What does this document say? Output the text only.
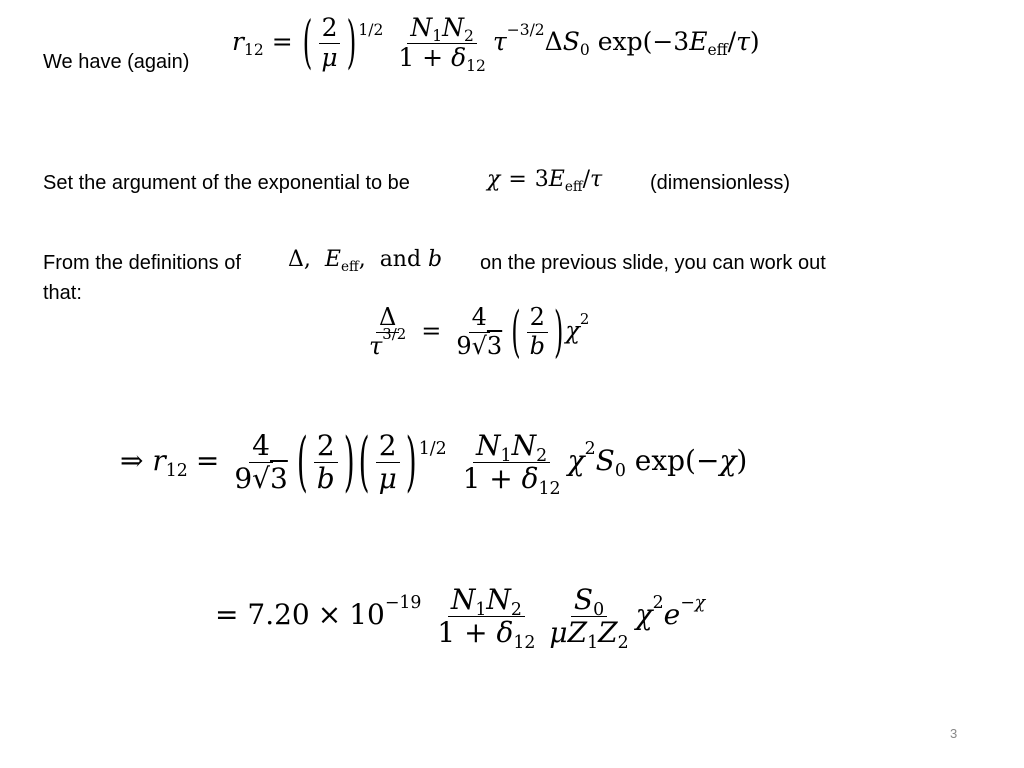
We have (again)
$r_{12}$ = ( $\frac{2}{\mu}$ ) $^{1/2} \frac{N_1N_2}{1 + \delta_{12}} \tau^{-3/2}\Delta S_0$ $\exp(-3E_{eff}/\tau)$
Set the argument of the exponential to be	$\chi = 3E_{eff}/\tau$ (dimensionless)
From the definitions of Δ,  $E_{eff}$, and b on the previous slide, you can work out
that:
$\frac{\Delta}{\tau^{3/2}} = \frac{4}{9√3}$ ( $\frac{2}{b} )\chi^2$
⇒ $r_{12} = \frac{4}{9√3}$ ( $\frac{2}{b}$ ) ( $\frac{2}{\mu}$ ) $^{1/2} \frac{N_1N_2}{1 + \delta_{12}} \chi^2S_0$ exp(−χ)
= $7.20 \times 10^{-19} \frac{N_1N_2}{1 + \delta_{12}} \frac{S_0}{\mu Z_1Z_2} \chi^2e^{-\chi}$
3
